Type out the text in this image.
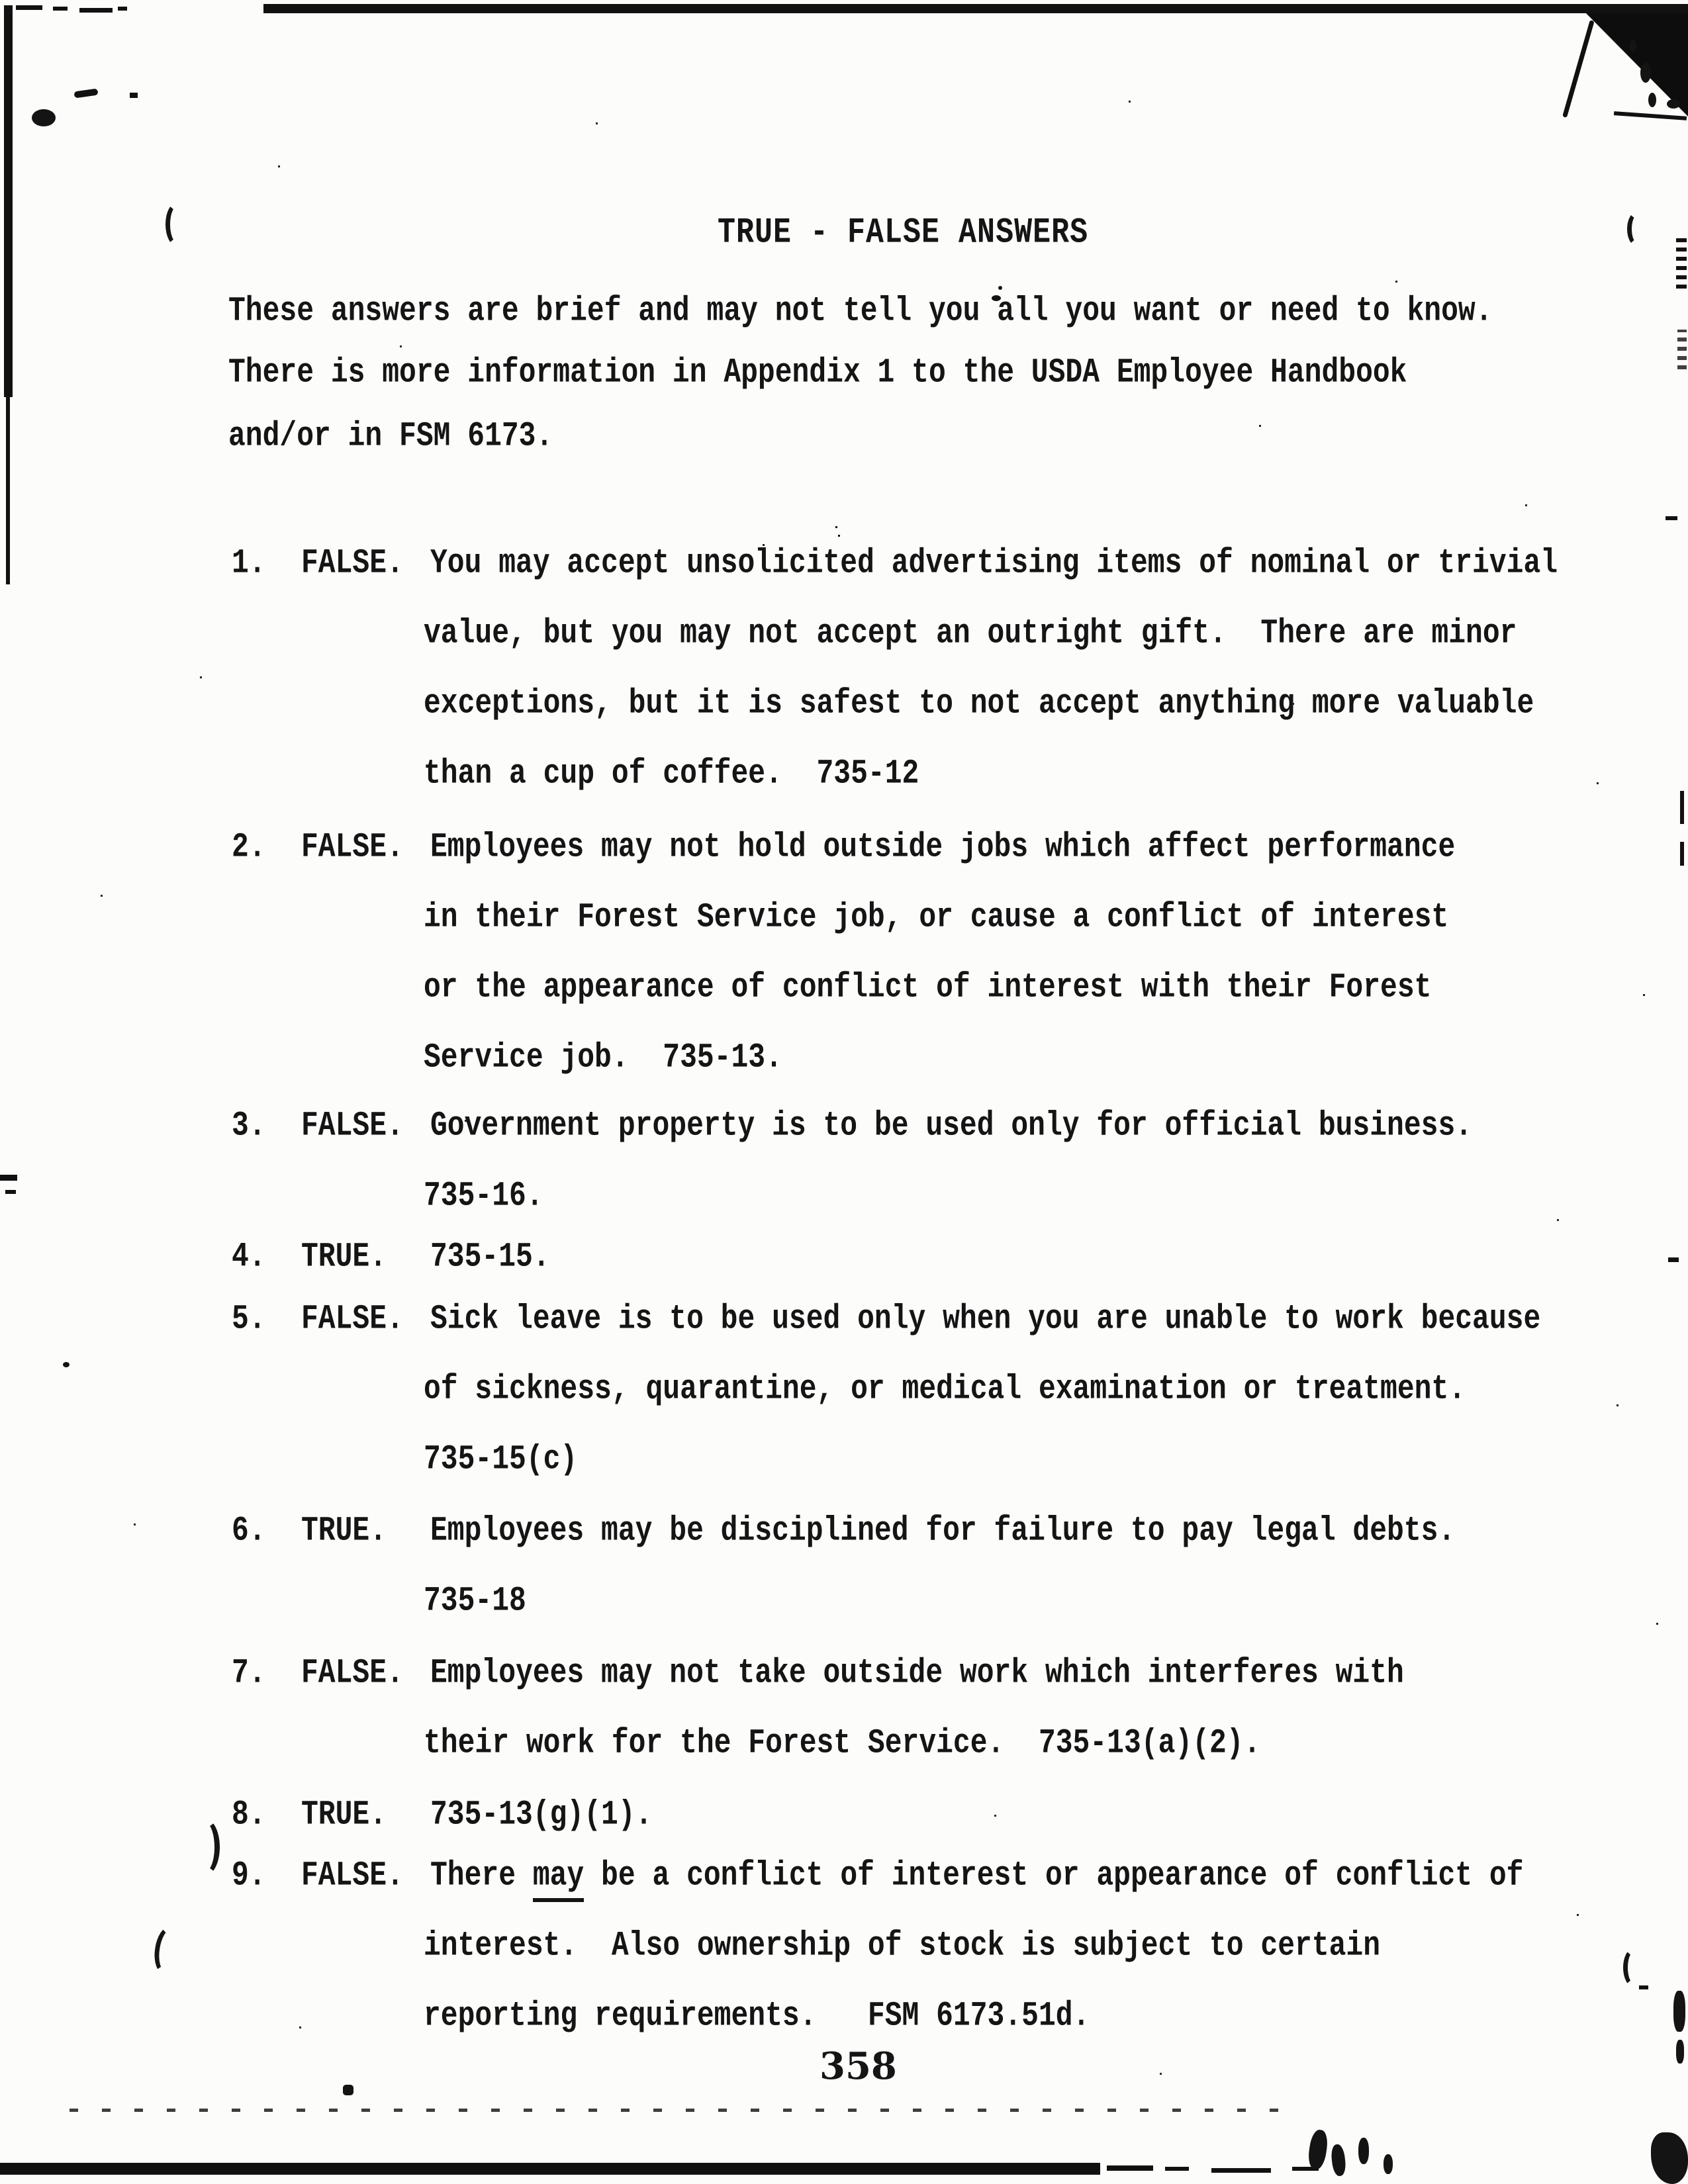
TRUE - FALSE ANSWERS
These answers are brief and may not tell you all you want or need to know.
There is more information in Appendix 1 to the USDA Employee Handbook
and/or in FSM 6173.
1. FALSE. You may accept unsolicited advertising items of nominal or trivial
value, but you may not accept an outright gift.  There are minor
exceptions, but it is safest to not accept anything more valuable
than a cup of coffee.  735-12
2. FALSE. Employees may not hold outside jobs which affect performance
in their Forest Service job, or cause a conflict of interest
or the appearance of conflict of interest with their Forest
Service job.  735-13.
3. FALSE. Government property is to be used only for official business.
735-16.
4. TRUE. 735-15.
5. FALSE. Sick leave is to be used only when you are unable to work because
of sickness, quarantine, or medical examination or treatment.
735-15(c)
6. TRUE. Employees may be disciplined for failure to pay legal debts.
735-18
7. FALSE. Employees may not take outside work which interferes with
their work for the Forest Service.  735-13(a)(2).
8. TRUE. 735-13(g)(1).
9. FALSE. There may be a conflict of interest or appearance of conflict of
interest.  Also ownership of stock is subject to certain
reporting requirements.   FSM 6173.51d.
358
